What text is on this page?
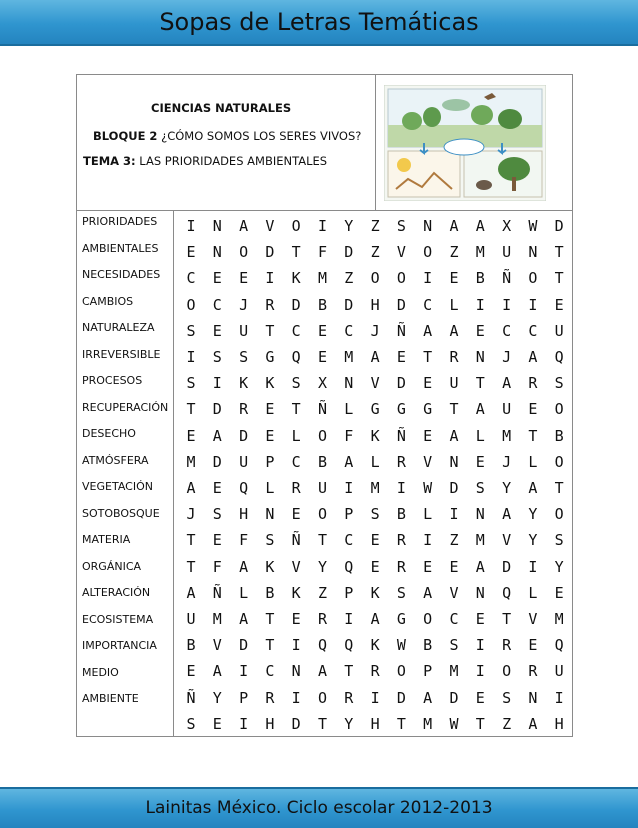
Sopas de Letras Temáticas
CIENCIAS NATURALES
BLOQUE 2 ¿CÓMO SOMOS LOS SERES VIVOS?
TEMA 3: LAS PRIORIDADES AMBIENTALES
PRIORIDADES
AMBIENTALES
NECESIDADES
CAMBIOS
NATURALEZA
IRREVERSIBLE
PROCESOS
RECUPERACIÓN
DESECHO
ATMÓSFERA
VEGETACIÓN
SOTOBOSQUE
MATERIA
ORGÁNICA
ALTERACIÓN
ECOSISTEMA
IMPORTANCIA
MEDIO
AMBIENTE
I	N	A	V	O	I	Y	Z	S	N	A	A	X	W	D
E	N	O	D	T	F	D	Z	V	O	Z	M	U	N	T
C	E	E	I	K	M	Z	O	O	I	E	B	Ñ	O	T
O	C	J	R	D	B	D	H	D	C	L	I	I	I	E
S	E	U	T	C	E	C	J	Ñ	A	A	E	C	C	U
I	S	S	G	Q	E	M	A	E	T	R	N	J	A	Q
S	I	K	K	S	X	N	V	D	E	U	T	A	R	S
T	D	R	E	T	Ñ	L	G	G	G	T	A	U	E	O
E	A	D	E	L	O	F	K	Ñ	E	A	L	M	T	B
M	D	U	P	C	B	A	L	R	V	N	E	J	L	O
A	E	Q	L	R	U	I	M	I	W	D	S	Y	A	T
J	S	H	N	E	O	P	S	B	L	I	N	A	Y	O
T	E	F	S	Ñ	T	C	E	R	I	Z	M	V	Y	S
T	F	A	K	V	Y	Q	E	R	E	E	A	D	I	Y
A	Ñ	L	B	K	Z	P	K	S	A	V	N	Q	L	E
U	M	A	T	E	R	I	A	G	O	C	E	T	V	M
B	V	D	T	I	Q	Q	K	W	B	S	I	R	E	Q
E	A	I	C	N	A	T	R	O	P	M	I	O	R	U
Ñ	Y	P	R	I	O	R	I	D	A	D	E	S	N	I
S	E	I	H	D	T	Y	H	T	M	W	T	Z	A	H
Lainitas México. Ciclo escolar 2012-2013
